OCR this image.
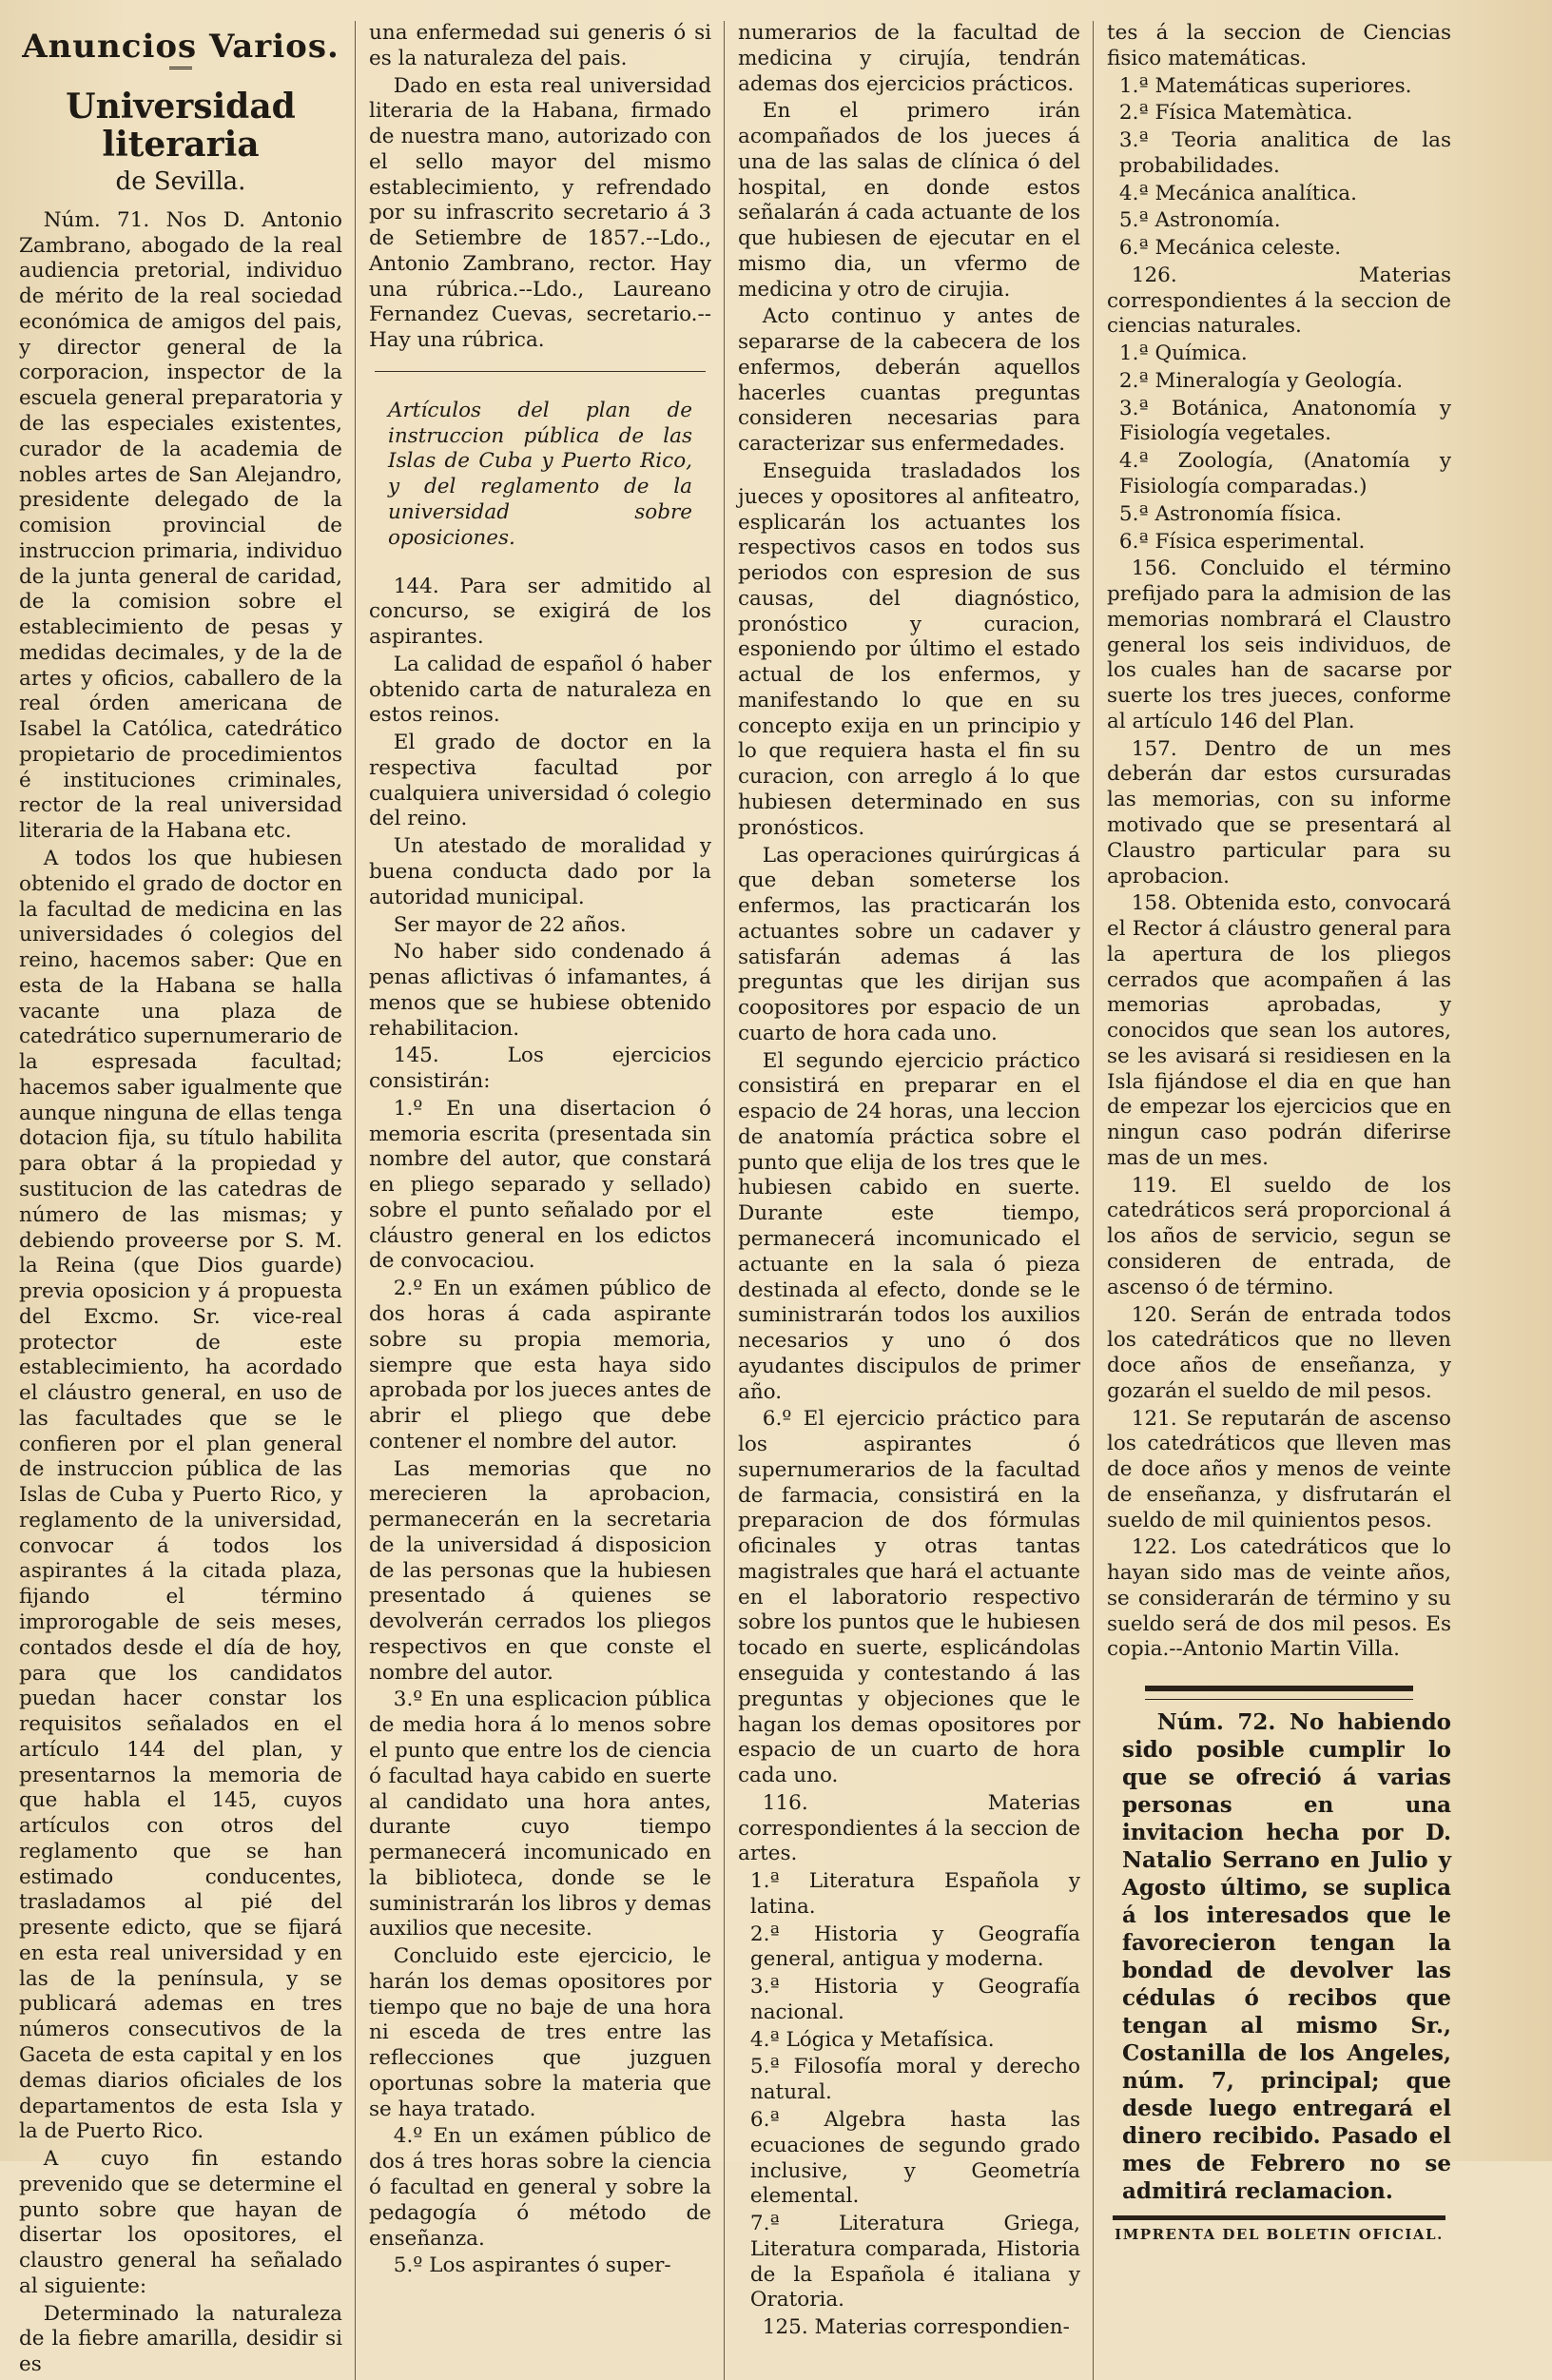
Anuncios Varios.
Universidad literaria
de Sevilla.

Núm. 71. Nos D. Antonio Zambrano, abogado de la real audiencia pretorial, individuo de mérito de la real sociedad económica de amigos del pais, y director general de la corporacion, inspector de la escuela general preparatoria y de las especiales existentes, curador de la academia de nobles artes de San Alejandro, presidente delegado de la comision provincial de instruccion primaria, individuo de la junta general de caridad, de la comision sobre el establecimiento de pesas y medidas decimales, y de la de artes y oficios, caballero de la real órden americana de Isabel la Católica, catedrático propietario de procedimientos é instituciones criminales, rector de la real universidad literaria de la Habana etc.

A todos los que hubiesen obtenido el grado de doctor en la facultad de medicina en las universidades ó colegios del reino, hacemos saber: Que en esta de la Habana se halla vacante una plaza de catedrático supernumerario de la espresada facultad; hacemos saber igualmente que aunque ninguna de ellas tenga dotacion fija, su título habilita para obtar á la propiedad y sustitucion de las catedras de número de las mismas; y debiendo proveerse por S. M. la Reina (que Dios guarde) previa oposicion y á propuesta del Excmo. Sr. vice-real protector de este establecimiento, ha acordado el cláustro general, en uso de las facultades que se le confieren por el plan general de instruccion pública de las Islas de Cuba y Puerto Rico, y reglamento de la universidad, convocar á todos los aspirantes á la citada plaza, fijando el término improrogable de seis meses, contados desde el día de hoy, para que los candidatos puedan hacer constar los requisitos señalados en el artículo 144 del plan, y presentarnos la memoria de que habla el 145, cuyos artículos con otros del reglamento que se han estimado conducentes, trasladamos al pié del presente edicto, que se fijará en esta real universidad y en las de la península, y se publicará ademas en tres números consecutivos de la Gaceta de esta capital y en los demas diarios oficiales de los departamentos de esta Isla y la de Puerto Rico.

A cuyo fin estando prevenido que se determine el punto sobre que hayan de disertar los opositores, el claustro general ha señalado al siguiente:

Determinado la naturaleza de la fiebre amarilla, desidir si es

una enfermedad sui generis ó si es la naturaleza del pais.

Dado en esta real universidad literaria de la Habana, firmado de nuestra mano, autorizado con el sello mayor del mismo establecimiento, y refrendado por su infrascrito secretario á 3 de Setiembre de 1857.--Ldo., Antonio Zambrano, rector. Hay una rúbrica.--Ldo., Laureano Fernandez Cuevas, secretario.--Hay una rúbrica.

Artículos del plan de instruccion pública de las Islas de Cuba y Puerto Rico, y del reglamento de la universidad sobre oposiciones.

144. Para ser admitido al concurso, se exigirá de los aspirantes.

La calidad de español ó haber obtenido carta de naturaleza en estos reinos.

El grado de doctor en la respectiva facultad por cualquiera universidad ó colegio del reino.

Un atestado de moralidad y buena conducta dado por la autoridad municipal.

Ser mayor de 22 años.

No haber sido condenado á penas aflictivas ó infamantes, á menos que se hubiese obtenido rehabilitacion.

145. Los ejercicios consistirán:

1.º En una disertacion ó memoria escrita (presentada sin nombre del autor, que constará en pliego separado y sellado) sobre el punto señalado por el cláustro general en los edictos de convocaciou.

2.º En un exámen público de dos horas á cada aspirante sobre su propia memoria, siempre que esta haya sido aprobada por los jueces antes de abrir el pliego que debe contener el nombre del autor.

Las memorias que no merecieren la aprobacion, permanecerán en la secretaria de la universidad á disposicion de las personas que la hubiesen presentado á quienes se devolverán cerrados los pliegos respectivos en que conste el nombre del autor.

3.º En una esplicacion pública de media hora á lo menos sobre el punto que entre los de ciencia ó facultad haya cabido en suerte al candidato una hora antes, durante cuyo tiempo permanecerá incomunicado en la biblioteca, donde se le suministrarán los libros y demas auxilios que necesite.

Concluido este ejercicio, le harán los demas opositores por tiempo que no baje de una hora ni esceda de tres entre las reflecciones que juzguen oportunas sobre la materia que se haya tratado.

4.º En un exámen público de dos á tres horas sobre la ciencia ó facultad en general y sobre la pedagogía ó método de enseñanza.

5.º Los aspirantes ó super-

numerarios de la facultad de medicina y cirujía, tendrán ademas dos ejercicios prácticos.

En el primero irán acompañados de los jueces á una de las salas de clínica ó del hospital, en donde estos señalarán á cada actuante de los que hubiesen de ejecutar en el mismo dia, un vfermo de medicina y otro de cirujia.

Acto continuo y antes de separarse de la cabecera de los enfermos, deberán aquellos hacerles cuantas preguntas consideren necesarias para caracterizar sus enfermedades.

Enseguida trasladados los jueces y opositores al anfiteatro, esplicarán los actuantes los respectivos casos en todos sus periodos con espresion de sus causas, del diagnóstico, pronóstico y curacion, esponiendo por último el estado actual de los enfermos, y manifestando lo que en su concepto exija en un principio y lo que requiera hasta el fin su curacion, con arreglo á lo que hubiesen determinado en sus pronósticos.

Las operaciones quirúrgicas á que deban someterse los enfermos, las practicarán los actuantes sobre un cadaver y satisfarán ademas á las preguntas que les dirijan sus coopositores por espacio de un cuarto de hora cada uno.

El segundo ejercicio práctico consistirá en preparar en el espacio de 24 horas, una leccion de anatomía práctica sobre el punto que elija de los tres que le hubiesen cabido en suerte. Durante este tiempo, permanecerá incomunicado el actuante en la sala ó pieza destinada al efecto, donde se le suministrarán todos los auxilios necesarios y uno ó dos ayudantes discipulos de primer año.

6.º El ejercicio práctico para los aspirantes ó supernumerarios de la facultad de farmacia, consistirá en la preparacion de dos fórmulas oficinales y otras tantas magistrales que hará el actuante en el laboratorio respectivo sobre los puntos que le hubiesen tocado en suerte, esplicándolas enseguida y contestando á las preguntas y objeciones que le hagan los demas opositores por espacio de un cuarto de hora cada uno.

116. Materias correspondientes á la seccion de artes.

1.ª Literatura Española y latina.

2.ª Historia y Geografía general, antigua y moderna.

3.ª Historia y Geografía nacional.

4.ª Lógica y Metafísica.

5.ª Filosofía moral y derecho natural.

6.ª Algebra hasta las ecuaciones de segundo grado inclusive, y Geometría elemental.

7.ª Literatura Griega, Literatura comparada, Historia de la Española é italiana y Oratoria.

125. Materias correspondien-

tes á la seccion de Ciencias fisico matemáticas.

1.ª Matemáticas superiores.

2.ª Física Matemàtica.

3.ª Teoria analitica de las probabilidades.

4.ª Mecánica analítica.

5.ª Astronomía.

6.ª Mecánica celeste.

126. Materias correspondientes á la seccion de ciencias naturales.

1.ª Química.

2.ª Mineralogía y Geología.

3.ª Botánica, Anatonomía y Fisiología vegetales.

4.ª Zoología, (Anatomía y Fisiología comparadas.)

5.ª Astronomía física.

6.ª Física esperimental.

156. Concluido el término prefijado para la admision de las memorias nombrará el Claustro general los seis individuos, de los cuales han de sacarse por suerte los tres jueces, conforme al artículo 146 del Plan.

157. Dentro de un mes deberán dar estos cursuradas las memorias, con su informe motivado que se presentará al Claustro particular para su aprobacion.

158. Obtenida esto, convocará el Rector á cláustro general para la apertura de los pliegos cerrados que acompañen á las memorias aprobadas, y conocidos que sean los autores, se les avisará si residiesen en la Isla fijándose el dia en que han de empezar los ejercicios que en ningun caso podrán diferirse mas de un mes.

119. El sueldo de los catedráticos será proporcional á los años de servicio, segun se consideren de entrada, de ascenso ó de término.

120. Serán de entrada todos los catedráticos que no lleven doce años de enseñanza, y gozarán el sueldo de mil pesos.

121. Se reputarán de ascenso los catedráticos que lleven mas de doce años y menos de veinte de enseñanza, y disfrutarán el sueldo de mil quinientos pesos.

122. Los catedráticos que lo hayan sido mas de veinte años, se considerarán de término y su sueldo será de dos mil pesos. Es copia.--Antonio Martin Villa.

Núm. 72. No habiendo sido posible cumplir lo que se ofreció á varias personas en una invitacion hecha por D. Natalio Serrano en Julio y Agosto último, se suplica á los interesados que le favorecieron tengan la bondad de devolver las cédulas ó recibos que tengan al mismo Sr., Costanilla de los Angeles, núm. 7, principal; que desde luego entregará el dinero recibido. Pasado el mes de Febrero no se admitirá reclamacion.

IMPRENTA DEL BOLETIN OFICIAL.
